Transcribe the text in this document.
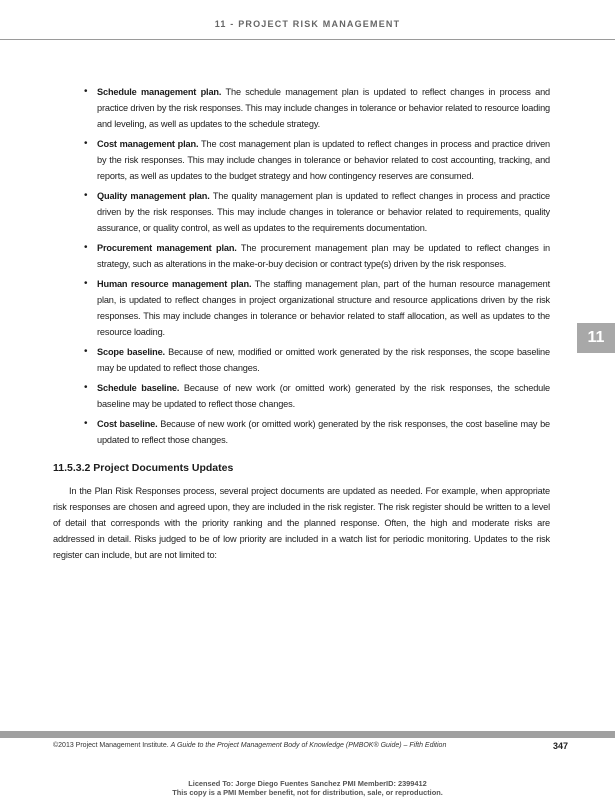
11 - PROJECT RISK MANAGEMENT
• Schedule management plan. The schedule management plan is updated to reflect changes in process and practice driven by the risk responses. This may include changes in tolerance or behavior related to resource loading and leveling, as well as updates to the schedule strategy.
• Cost management plan. The cost management plan is updated to reflect changes in process and practice driven by the risk responses. This may include changes in tolerance or behavior related to cost accounting, tracking, and reports, as well as updates to the budget strategy and how contingency reserves are consumed.
• Quality management plan. The quality management plan is updated to reflect changes in process and practice driven by the risk responses. This may include changes in tolerance or behavior related to requirements, quality assurance, or quality control, as well as updates to the requirements documentation.
• Procurement management plan. The procurement management plan may be updated to reflect changes in strategy, such as alterations in the make-or-buy decision or contract type(s) driven by the risk responses.
• Human resource management plan. The staffing management plan, part of the human resource management plan, is updated to reflect changes in project organizational structure and resource applications driven by the risk responses. This may include changes in tolerance or behavior related to staff allocation, as well as updates to the resource loading.
• Scope baseline. Because of new, modified or omitted work generated by the risk responses, the scope baseline may be updated to reflect those changes.
• Schedule baseline. Because of new work (or omitted work) generated by the risk responses, the schedule baseline may be updated to reflect those changes.
• Cost baseline. Because of new work (or omitted work) generated by the risk responses, the cost baseline may be updated to reflect those changes.
11.5.3.2 Project Documents Updates
In the Plan Risk Responses process, several project documents are updated as needed. For example, when appropriate risk responses are chosen and agreed upon, they are included in the risk register. The risk register should be written to a level of detail that corresponds with the priority ranking and the planned response. Often, the high and moderate risks are addressed in detail. Risks judged to be of low priority are included in a watch list for periodic monitoring. Updates to the risk register can include, but are not limited to:
11
©2013 Project Management Institute. A Guide to the Project Management Body of Knowledge (PMBOK® Guide) – Fifth Edition	347
Licensed To: Jorge Diego Fuentes Sanchez PMI MemberID: 2399412
This copy is a PMI Member benefit, not for distribution, sale, or reproduction.
